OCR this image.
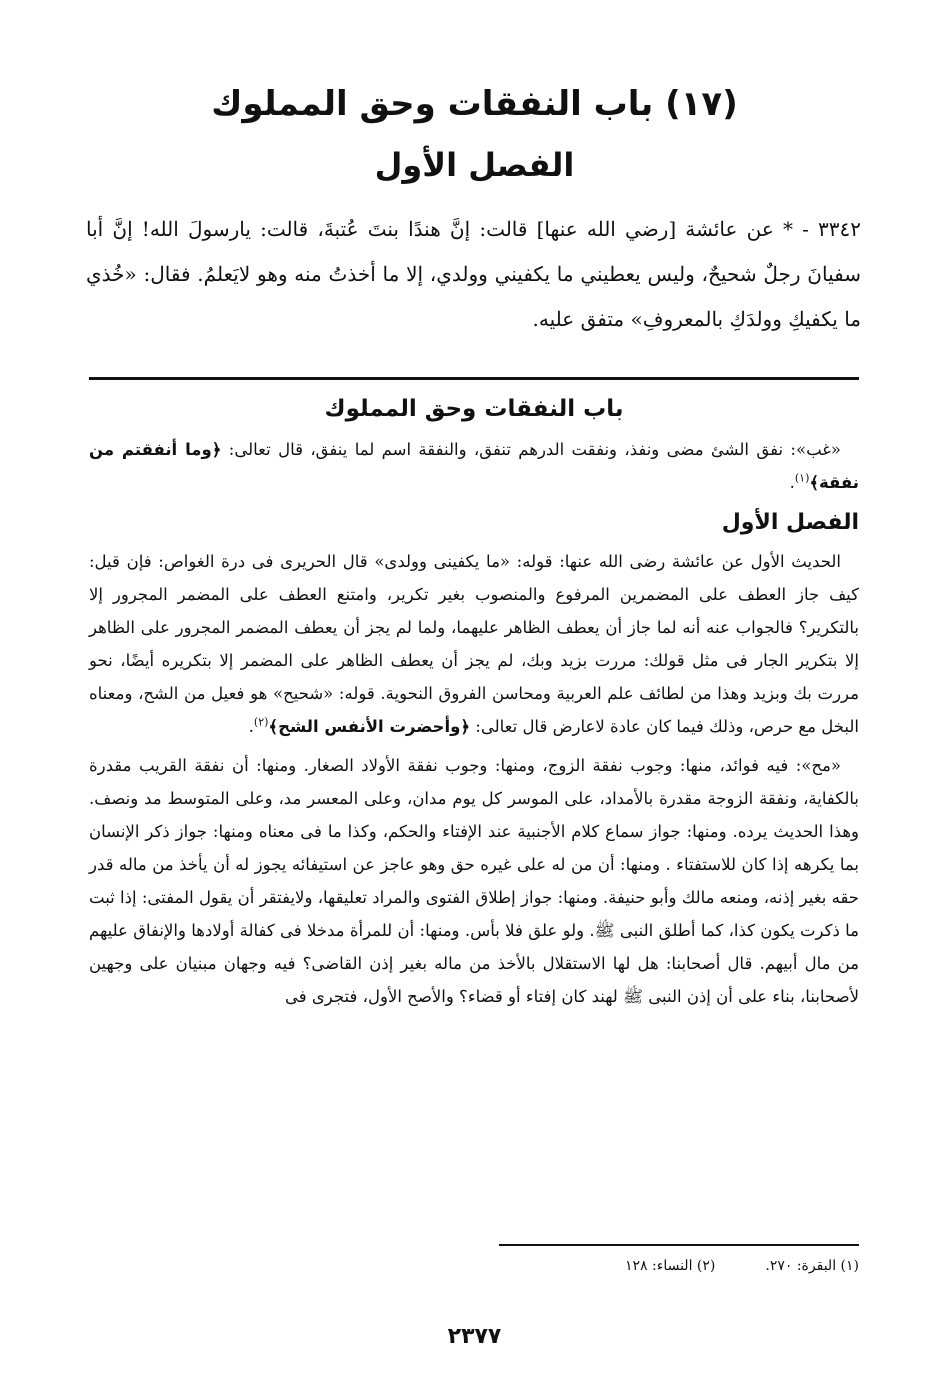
(١٧) باب النفقات وحق المملوك
الفصل الأول
٣٣٤٢ - * عن عائشة [رضي الله عنها] قالت: إنَّ هندًا بنتَ عُتبةَ، قالت: يارسولَ الله! إنَّ أبا سفيانَ رجلٌ شحيحٌ، وليس يعطيني ما يكفيني وولدي، إلا ما أخذتُ منه وهو لايَعلمُ. فقال: «خُذي ما يكفيكِ وولدَكِ بالمعروفِ» متفق عليه.

باب النفقات وحق المملوك

«غب»: نفق الشئ مضى ونفذ، ونفقت الدرهم تنفق، والنفقة اسم لما ينفق، قال تعالى: ﴿وما أنفقتم من نفقة﴾$^{(١)}$.

الفصل الأول

الحديث الأول عن عائشة رضى الله عنها: قوله: «ما يكفينى وولدى» قال الحريرى فى درة الغواص: فإن قيل: كيف جاز العطف على المضمرين المرفوع والمنصوب بغير تكرير، وامتنع العطف على المضمر المجرور إلا بالتكرير؟ فالجواب عنه أنه لما جاز أن يعطف الظاهر عليهما، ولما لم يجز أن يعطف المضمر المجرور على الظاهر إلا بتكرير الجار فى مثل قولك: مررت بزيد وبك، لم يجز أن يعطف الظاهر على المضمر إلا بتكريره أيضًا، نحو مررت بك وبزيد وهذا من لطائف علم العربية ومحاسن الفروق النحوية. قوله: «شحيح» هو فعيل من الشح، ومعناه البخل مع حرص، وذلك فيما كان عادة لاعارض قال تعالى: ﴿وأحضرت الأنفس الشح﴾$^{(٢)}$.

«مح»: فيه فوائد، منها: وجوب نفقة الزوج، ومنها: وجوب نفقة الأولاد الصغار. ومنها: أن نفقة القريب مقدرة بالكفاية، ونفقة الزوجة مقدرة بالأمداد، على الموسر كل يوم مدان، وعلى المعسر مد، وعلى المتوسط مد ونصف. وهذا الحديث يرده. ومنها: جواز سماع كلام الأجنبية عند الإفتاء والحكم، وكذا ما فى معناه ومنها: جواز ذكر الإنسان بما يكرهه إذا كان للاستفتاء . ومنها: أن من له على غيره حق وهو عاجز عن استيفائه يجوز له أن يأخذ من ماله قدر حقه بغير إذنه، ومنعه مالك وأبو حنيفة. ومنها: جواز إطلاق الفتوى والمراد تعليقها، ولايفتقر أن يقول المفتى: إذا ثبت ما ذكرت يكون كذا، كما أطلق النبى ﷺ. ولو علق فلا بأس. ومنها: أن للمرأة مدخلا فى كفالة أولادها والإنفاق عليهم من مال أبيهم. قال أصحابنا: هل لها الاستقلال بالأخذ من ماله بغير إذن القاضى؟ فيه وجهان مبنيان على وجهين لأصحابنا، بناء على أن إذن النبى ﷺ لهند كان إفتاء أو قضاء؟ والأصح الأول، فتجرى فى

(١) البقرة: ٢٧٠.
(٢) النساء: ١٢٨
٢٣٧٧
